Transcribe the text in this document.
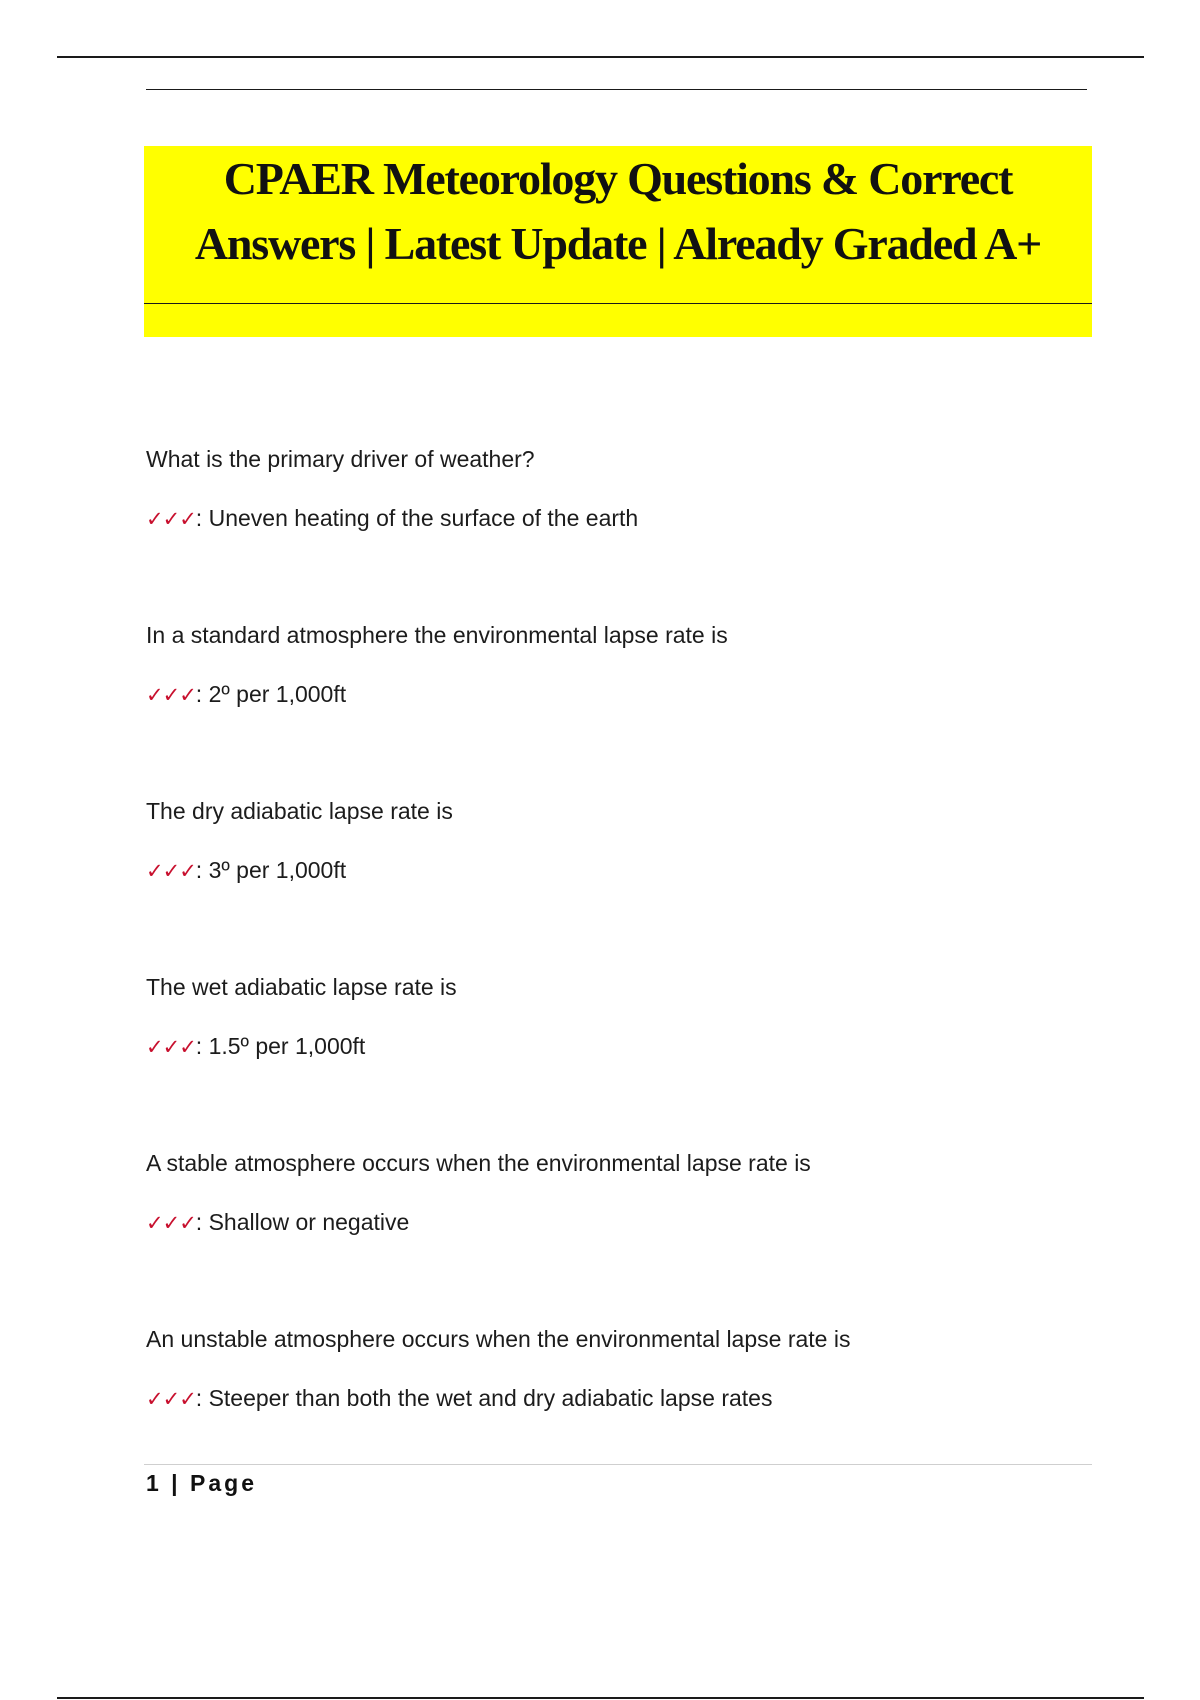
CPAER Meteorology Questions & Correct
Answers | Latest Update | Already Graded A+
What is the primary driver of weather?
✓✓✓: Uneven heating of the surface of the earth
In a standard atmosphere the environmental lapse rate is
✓✓✓: 2º per 1,000ft
The dry adiabatic lapse rate is
✓✓✓: 3º per 1,000ft
The wet adiabatic lapse rate is
✓✓✓: 1.5º per 1,000ft
A stable atmosphere occurs when the environmental lapse rate is
✓✓✓: Shallow or negative
An unstable atmosphere occurs when the environmental lapse rate is
✓✓✓: Steeper than both the wet and dry adiabatic lapse rates
1 | Page
